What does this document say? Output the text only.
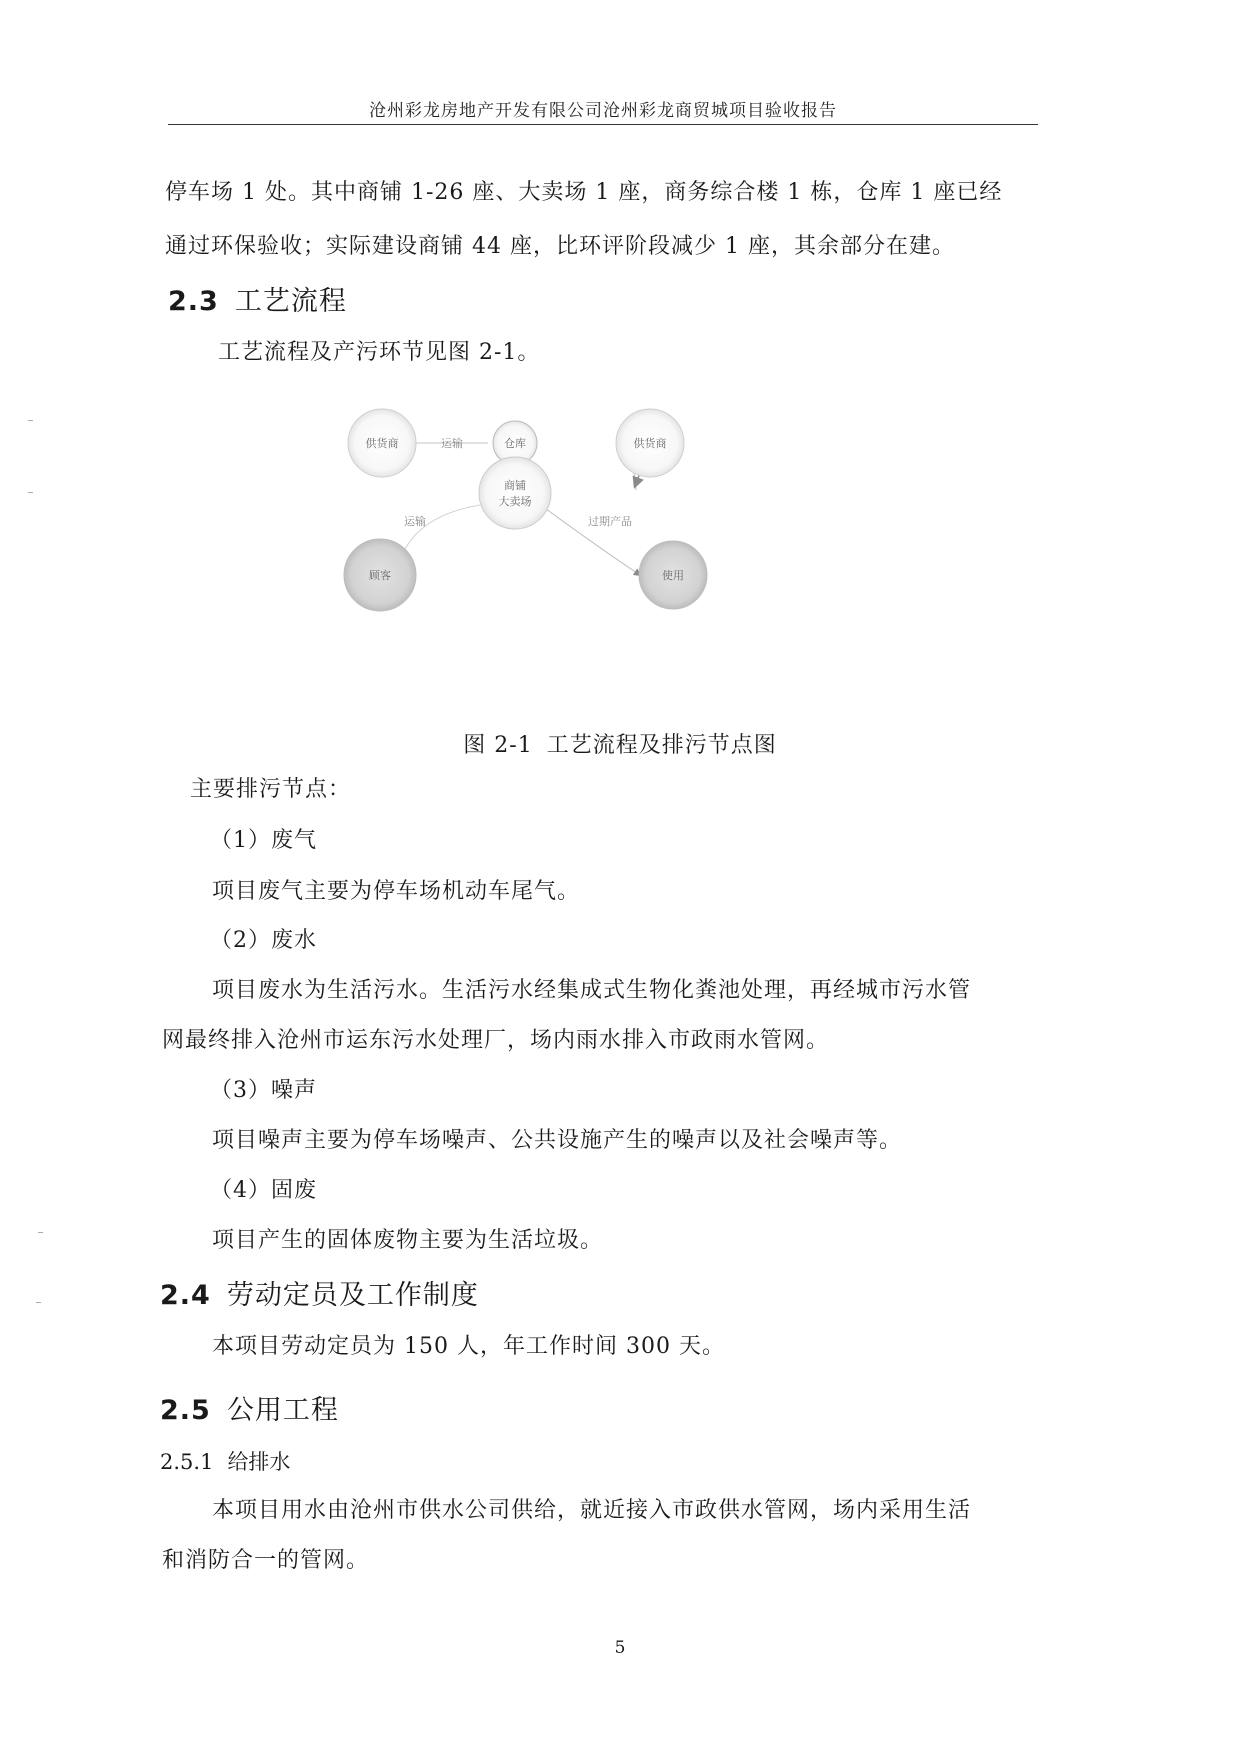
沧州彩龙房地产开发有限公司沧州彩龙商贸城项目验收报告
停车场 1 处。其中商铺 1-26 座、大卖场 1 座，商务综合楼 1 栋，仓库 1 座已经
通过环保验收；实际建设商铺 44 座，比环评阶段减少 1 座，其余部分在建。
2.3 工艺流程
工艺流程及产污环节见图 2-1。
供货商	仓库	供货商
商铺
大卖场
顾客	使用
运输
运输	过期产品
图 2-1 工艺流程及排污节点图
主要排污节点：
（1）废气
项目废气主要为停车场机动车尾气。
（2）废水
项目废水为生活污水。生活污水经集成式生物化粪池处理，再经城市污水管
网最终排入沧州市运东污水处理厂，场内雨水排入市政雨水管网。
（3）噪声
项目噪声主要为停车场噪声、公共设施产生的噪声以及社会噪声等。
（4）固废
项目产生的固体废物主要为生活垃圾。
2.4 劳动定员及工作制度
本项目劳动定员为 150 人，年工作时间 300 天。
2.5 公用工程
2.5.1 给排水
本项目用水由沧州市供水公司供给，就近接入市政供水管网，场内采用生活
和消防合一的管网。
5
